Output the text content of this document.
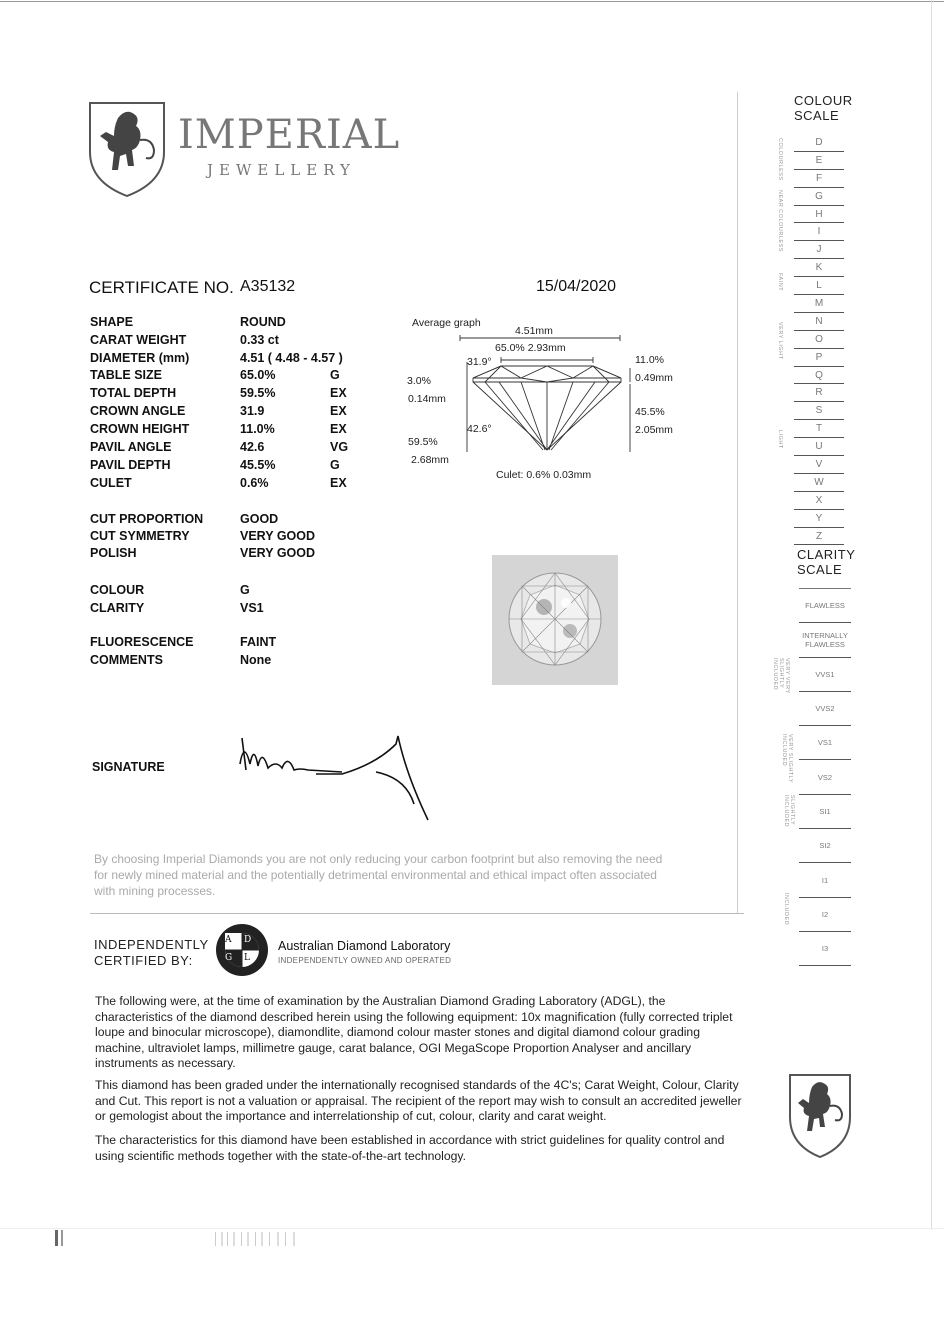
IMPERIAL
JEWELLERY
CERTIFICATE NO. A35132	15/04/2020
SHAPE	ROUND
CARAT WEIGHT	0.33 ct
DIAMETER (mm)	4.51 ( 4.48 - 4.57 )
TABLE SIZE	65.0%	G
TOTAL DEPTH	59.5%	EX
CROWN ANGLE	31.9	EX
CROWN HEIGHT	11.0%	EX
PAVIL ANGLE	42.6	VG
PAVIL DEPTH	45.5%	G
CULET	0.6%	EX
CUT PROPORTION	GOOD
CUT SYMMETRY	VERY GOOD
POLISH	VERY GOOD
COLOUR	G
CLARITY	VS1
FLUORESCENCE	FAINT
COMMENTS	None
SIGNATURE
Average graph
4.51mm
65.0% 2.93mm
31.9°	11.0%
0.49mm
3.0%
0.14mm
42.6°
45.5%
2.05mm
59.5%
2.68mm
Culet: 0.6% 0.03mm
By choosing Imperial Diamonds you are not only reducing your carbon footprint but also removing the need for newly mined material and the potentially detrimental environmental and ethical impact often associated with mining processes.
INDEPENDENTLY
CERTIFIED BY:
A D
G L
Australian Diamond Laboratory
INDEPENDENTLY OWNED AND OPERATED
The following were, at the time of examination by the Australian Diamond Grading Laboratory (ADGL), the characteristics of the diamond described herein using the following equipment: 10x magnification (fully corrected triplet loupe and binocular microscope), diamondlite, diamond colour master stones and digital diamond colour grading machine, ultraviolet lamps, millimetre gauge, carat balance, OGI MegaScope Proportion Analyser and ancillary instruments as necessary.
This diamond has been graded under the internationally recognised standards of the 4C's; Carat Weight, Colour, Clarity and Cut. This report is not a valuation or appraisal. The recipient of the report may wish to consult an accredited jeweller or gemologist about the importance and interrelationship of cut, colour, clarity and carat weight.
The characteristics for this diamond have been established in accordance with strict guidelines for quality control and using scientific methods together with the state-of-the-art technology.
COLOUR
SCALE
D
E
F
G
H
I
J
K
L
M
N
O
P
Q
R
S
T
U
V
W
X
Y
Z
COLOURLESS
NEAR COLOURLESS
FAINT
VERY LIGHT
LIGHT
CLARITY
SCALE
FLAWLESS
INTERNALLY FLAWLESS
VVS1
VVS2
VS1
VS2
SI1
SI2
I1
I2
I3
VERY VERY SLIGHTLY INCLUDED
VERY SLIGHTLY INCLUDED
SLIGHTLY INCLUDED
INCLUDED
